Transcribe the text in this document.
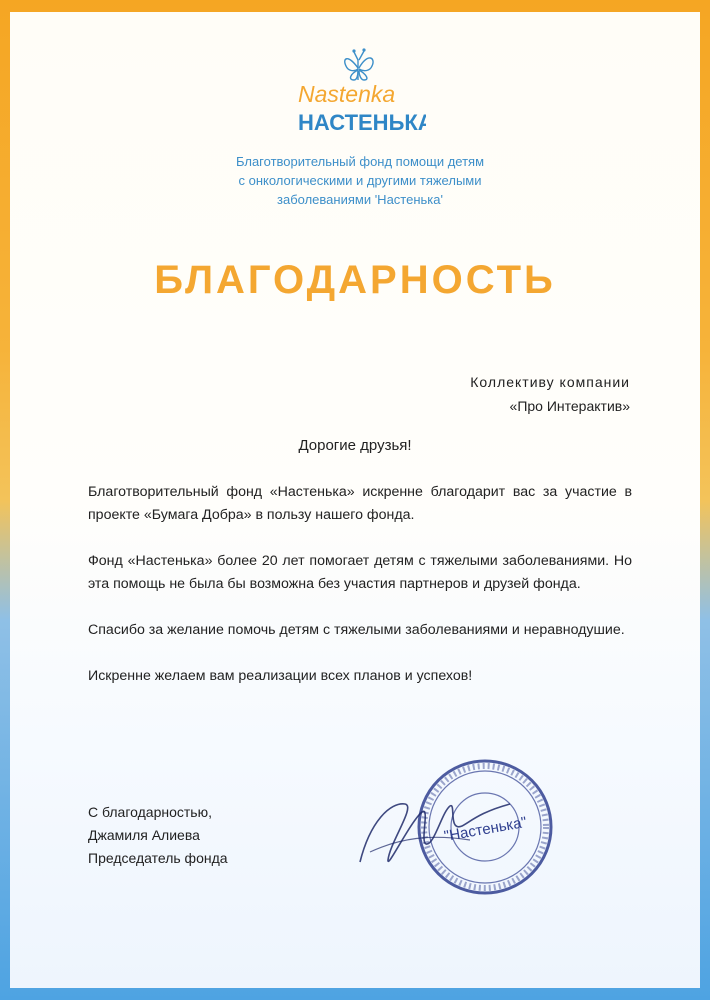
Nastenka
НАСТЕНЬКА
Благотворительный фонд помощи детям
с онкологическими и другими тяжелыми
заболеваниями 'Настенька'
БЛАГОДАРНОСТЬ
Коллективу компании
«Про Интерактив»
Дорогие друзья!

Благотворительный фонд «Настенька» искренне благодарит вас за участие в проекте «Бумага Добра» в пользу нашего фонда.

Фонд «Настенька» более 20 лет помогает детям с тяжелыми заболеваниями. Но эта помощь не была бы возможна без участия партнеров и друзей фонда.

Спасибо за желание помочь детям с тяжелыми заболеваниями и неравнодушие.

Искренне желаем вам реализации всех планов и успехов!

С благодарностью,
Джамиля Алиева
Председатель фонда
"Настенька"
